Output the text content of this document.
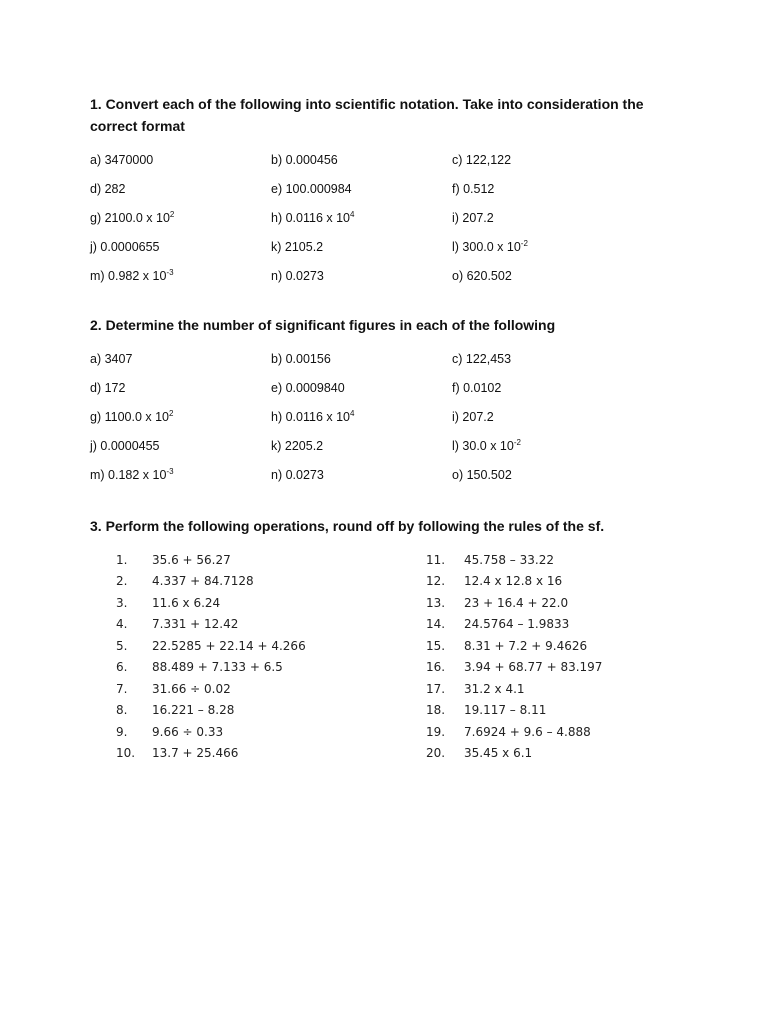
1. Convert each of the following into scientific notation. Take into consideration the correct format

a) 3470000	b) 0.000456	c) 122,122
d) 282	e) 100.000984	f) 0.512
g) 2100.0 x $10^2$	h) 0.0116 x $10^4$	i) 207.2
j) 0.0000655	k) 2105.2	l) 300.0 x $10^{-2}$
m) 0.982 x $10^{-3}$	n) 0.0273	o) 620.502

2. Determine the number of significant figures in each of the following

a) 3407	b) 0.00156	c) 122,453
d) 172	e) 0.0009840	f) 0.0102
g) 1100.0 x $10^2$	h) 0.0116 x $10^4$	i) 207.2
j) 0.0000455	k) 2205.2	l) 30.0 x $10^{-2}$
m) 0.182 x $10^{-3}$	n) 0.0273	o) 150.502

3. Perform the following operations, round off by following the rules of the sf.

1.	35.6 + 56.27
2.	4.337 + 84.7128
3.	11.6 x 6.24
4.	7.331 + 12.42
5.	22.5285 + 22.14 + 4.266
6.	88.489 + 7.133 + 6.5
7.	31.66 ÷ 0.02
8.	16.221 – 8.28
9.	9.66 ÷ 0.33
10.	13.7 + 25.466
11.	45.758 – 33.22
12.	12.4 x 12.8 x 16
13.	23 + 16.4 + 22.0
14.	24.5764 – 1.9833
15.	8.31 + 7.2 + 9.4626
16.	3.94 + 68.77 + 83.197
17.	31.2 x 4.1
18.	19.117 – 8.11
19.	7.6924 + 9.6 – 4.888
20.	35.45 x 6.1
